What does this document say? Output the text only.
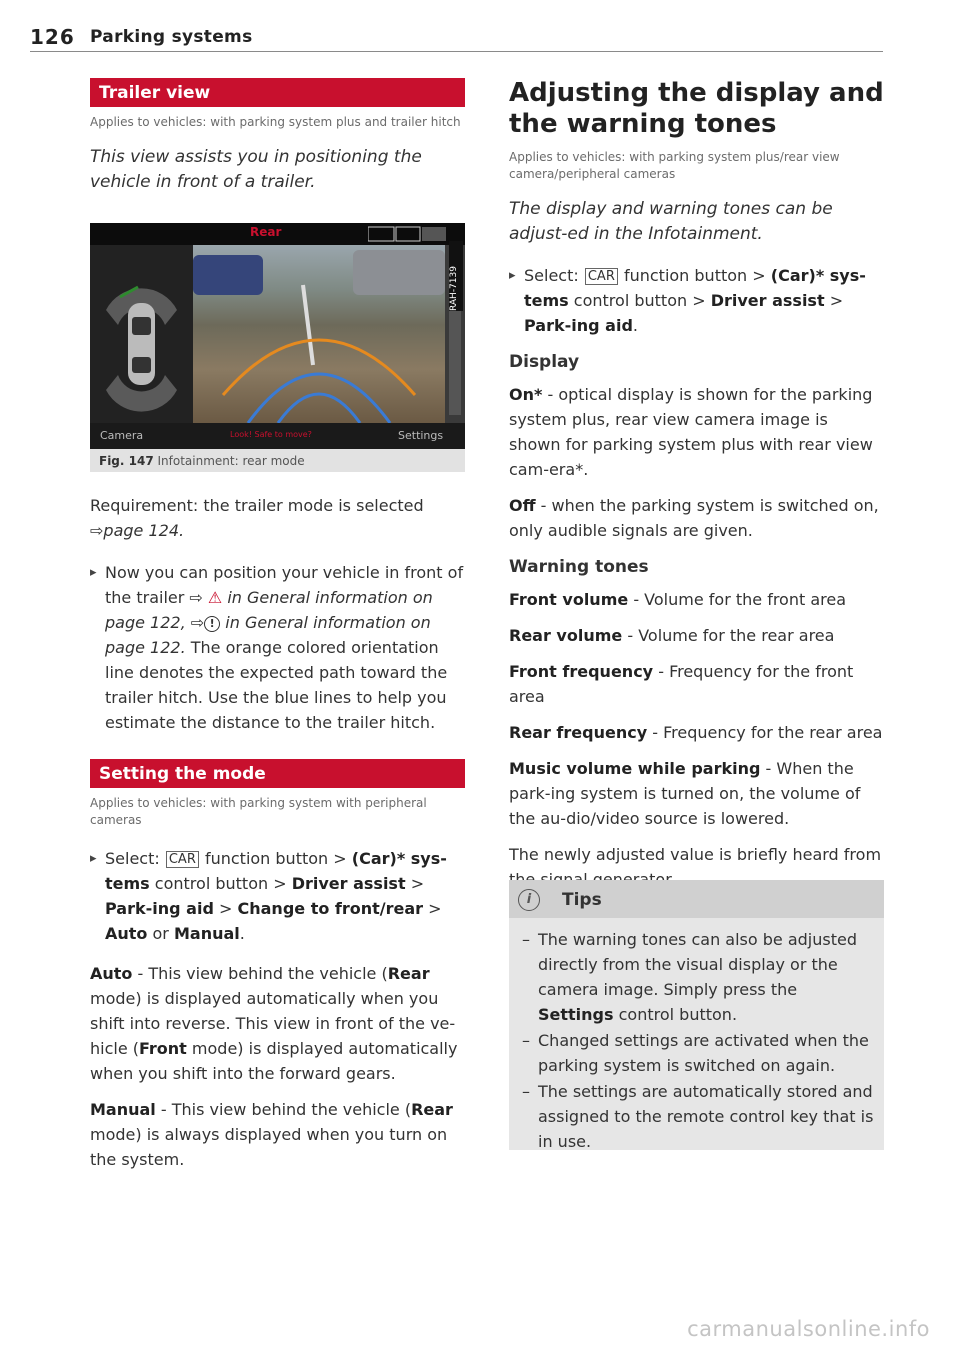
126 Parking systems
Trailer view
Applies to vehicles: with parking system plus and trailer hitch

This view assists you in positioning the vehicle in front of a trailer.

Rear
RAH-7139
Camera	Look! Safe to move?	Settings
Fig. 147 Infotainment: rear mode

Requirement: the trailer mode is selected ⇨page 124.

▸ Now you can position your vehicle in front of the trailer ⇨ ⚠ in General information on page 122, ⇨ ! in General information on page 122. The orange colored orientation line denotes the expected path toward the trailer hitch. Use the blue lines to help you estimate the distance to the trailer hitch.

Setting the mode
Applies to vehicles: with parking system with peripheral cameras

▸ Select: CAR function button > (Car)* sys-tems control button > Driver assist > Park-ing aid > Change to front/rear > Auto or Manual.

Auto - This view behind the vehicle (Rear mode) is displayed automatically when you shift into reverse. This view in front of the ve-hicle (Front mode) is displayed automatically when you shift into the forward gears.

Manual - This view behind the vehicle (Rear mode) is always displayed when you turn on the system.

Adjusting the display and the warning tones
Applies to vehicles: with parking system plus/rear view camera/peripheral cameras

The display and warning tones can be adjust-ed in the Infotainment.

▸ Select: CAR function button > (Car)* sys-tems control button > Driver assist > Park-ing aid.

Display

On* - optical display is shown for the parking system plus, rear view camera image is shown for parking system plus with rear view cam-era*.

Off - when the parking system is switched on, only audible signals are given.

Warning tones

Front volume - Volume for the front area

Rear volume - Volume for the rear area

Front frequency - Frequency for the front area

Rear frequency - Frequency for the rear area

Music volume while parking - When the park-ing system is turned on, the volume of the au-dio/video source is lowered.

The newly adjusted value is briefly heard from

i	Tips

– The warning tones can also be adjusted directly from the visual display or the camera image. Simply press the Settings control button.

– Changed settings are activated when the parking system is switched on again.

– The settings are automatically stored and assigned to the remote control key that is in use.

carmanualsonline.info
